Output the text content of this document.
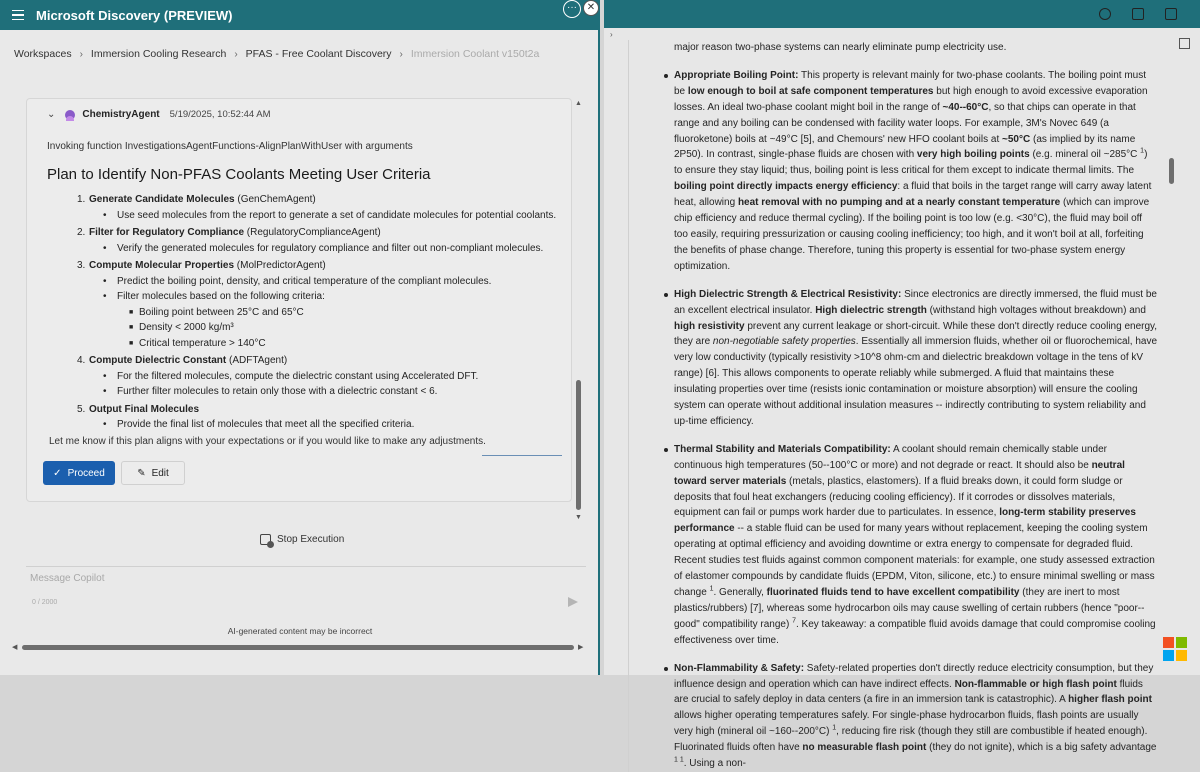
Microsoft Discovery (PREVIEW)	··· ✕
Workspaces › Immersion Cooling Research › PFAS - Free Coolant Discovery › Immersion Coolant v150t2a
⌄	ChemistryAgent 5/19/2025, 10:52:44 AM
Invoking function InvestigationsAgentFunctions-AlignPlanWithUser with arguments
Plan to Identify Non-PFAS Coolants Meeting User Criteria
1. Generate Candidate Molecules (GenChemAgent)
•	Use seed molecules from the report to generate a set of candidate molecules for potential coolants.
2. Filter for Regulatory Compliance (RegulatoryComplianceAgent)
•	Verify the generated molecules for regulatory compliance and filter out non-compliant molecules.
3. Compute Molecular Properties (MolPredictorAgent)
•	Predict the boiling point, density, and critical temperature of the compliant molecules.
•	Filter molecules based on the following criteria:
■ Boiling point between 25°C and 65°C
■ Density < 2000 kg/m³
■ Critical temperature > 140°C
4. Compute Dielectric Constant (ADFTAgent)
•	For the filtered molecules, compute the dielectric constant using Accelerated DFT.
•	Further filter molecules to retain only those with a dielectric constant < 6.
5. Output Final Molecules
•	Provide the final list of molecules that meet all the specified criteria.
Let me know if this plan aligns with your expectations or if you would like to make any adjustments.
✓ Proceed	✎ Edit
▲
▼
Stop Execution
Message Copilot
0 / 2000
AI-generated content may be incorrect
◀	▶
›

major reason two-phase systems can nearly eliminate pump electricity use.

Appropriate Boiling Point: This property is relevant mainly for two-phase coolants. The boiling point must be low enough to boil at safe component temperatures but high enough to avoid excessive evaporation losses. An ideal two-phase coolant might boil in the range of ~40--60°C, so that chips can operate in that range and any boiling can be condensed with facility water loops. For example, 3M's Novec 649 (a fluoroketone) boils at ~49°C [5], and Chemours' new HFO coolant boils at ~50°C (as implied by its name 2P50). In contrast, single-phase fluids are chosen with very high boiling points (e.g. mineral oil ~285°C $^1$) to ensure they stay liquid; thus, boiling point is less critical for them except to indicate thermal limits. The boiling point directly impacts energy efficiency: a fluid that boils in the target range will carry away latent heat, allowing heat removal with no pumping and at a nearly constant temperature (which can improve chip efficiency and reduce thermal cycling). If the boiling point is too low (e.g. <30°C), the fluid may boil off too easily, requiring pressurization or causing cooling inefficiency; too high, and it won't boil at all, forfeiting the benefits of phase change. Therefore, tuning this property is essential for two-phase system energy optimization.

High Dielectric Strength & Electrical Resistivity: Since electronics are directly immersed, the fluid must be an excellent electrical insulator. High dielectric strength (withstand high voltages without breakdown) and high resistivity prevent any current leakage or short-circuit. While these don't directly reduce cooling energy, they are non-negotiable safety properties. Essentially all immersion fluids, whether oil or fluorochemical, have very low conductivity (typically resistivity >10^8 ohm-cm and dielectric breakdown voltage in the tens of kV range) [6]. This allows components to operate reliably while submerged. A fluid that maintains these insulating properties over time (resists ionic contamination or moisture absorption) will ensure the cooling system can operate without additional insulation measures -- indirectly contributing to system reliability and up-time efficiency.

Thermal Stability and Materials Compatibility: A coolant should remain chemically stable under continuous high temperatures (50--100°C or more) and not degrade or react. It should also be neutral toward server materials (metals, plastics, elastomers). If a fluid breaks down, it could form sludge or deposits that foul heat exchangers (reducing cooling efficiency). If it corrodes or dissolves materials, equipment can fail or pumps work harder due to particulates. In essence, long-term stability preserves performance -- a stable fluid can be used for many years without replacement, keeping the cooling system operating at optimal efficiency and avoiding downtime or extra energy to compensate for degraded fluid. Recent studies test fluids against common component materials: for example, one study assessed extraction of elastomer compounds by candidate fluids (EPDM, Viton, silicone, etc.) to ensure minimal swelling or mass change $^1$. Generally, fluorinated fluids tend to have excellent compatibility (they are inert to most plastics/rubbers) [7], whereas some hydrocarbon oils may cause swelling of certain rubbers (hence "poor--good" compatibility range) $^7$. Key takeaway: a compatible fluid avoids damage that could compromise cooling effectiveness over time.

Non-Flammability & Safety: Safety-related properties don't directly reduce electricity consumption, but they influence design and operation which can have indirect effects. Non-flammable or high flash point fluids are crucial to safely deploy in data centers (a fire in an immersion tank is catastrophic). A higher flash point allows higher operating temperatures safely. For single-phase hydrocarbon fluids, flash points are usually very high (mineral oil ~160--200°C) $^1$, reducing fire risk (though they still are combustible if heated enough). Fluorinated fluids often have no measurable flash point (they do not ignite), which is a big safety advantage $^{1 1}$. Using a non-
